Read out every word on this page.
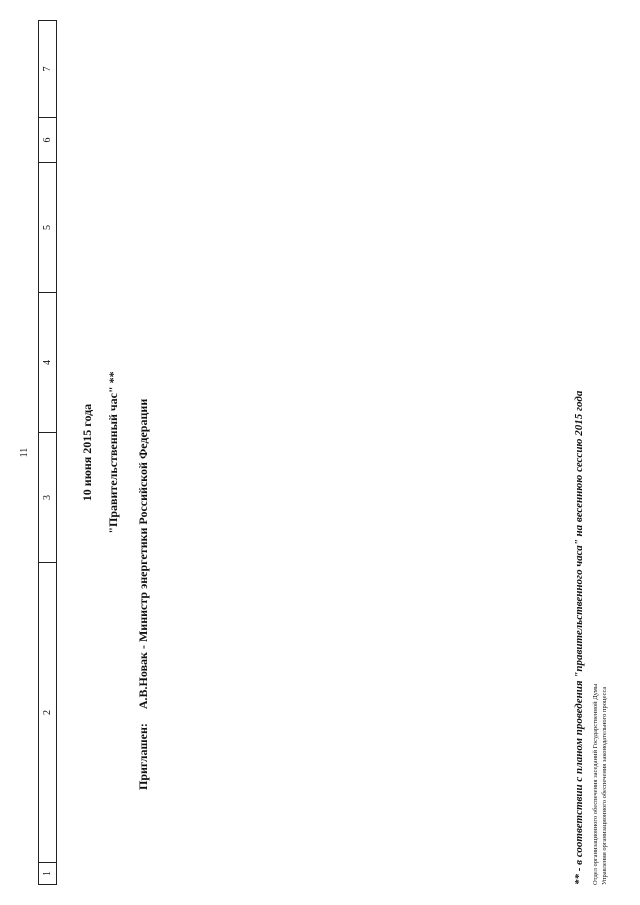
11
1	2	3	4	5	6	7
10 июня 2015 года "Правительственный час" **
Приглашен:А.В.Новак - Министр энергетики Российской Федерации	** - в соответствии с планом проведения "правительственного часа" на весеннюю сессию 2015 года Отдел организационного обеспечения заседаний Государственной Думы Управления организационного обеспечения законодательного процесса
